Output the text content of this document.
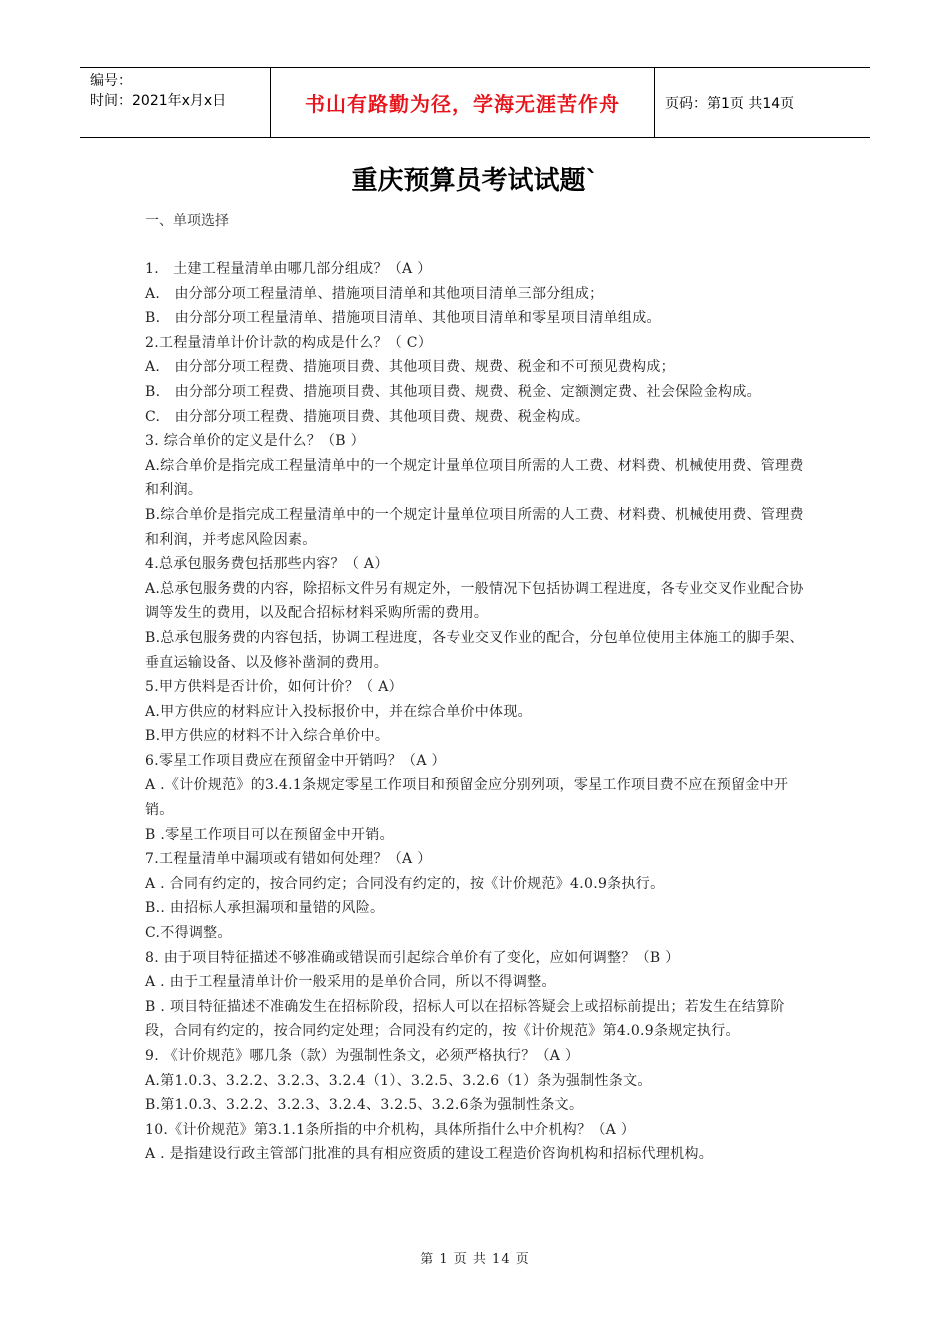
编号：
时间：2021年x月x日	书山有路勤为径，学海无涯苦作舟	页码：第1页 共14页
重庆预算员考试试题`
一、单项选择

1.　土建工程量清单由哪几部分组成？（A ）

A.　由分部分项工程量清单、措施项目清单和其他项目清单三部分组成；

B.　由分部分项工程量清单、措施项目清单、其他项目清单和零星项目清单组成。

2.工程量清单计价计款的构成是什么？（ C）

A.　由分部分项工程费、措施项目费、其他项目费、规费、税金和不可预见费构成；

B.　由分部分项工程费、措施项目费、其他项目费、规费、税金、定额测定费、社会保险金构成。

C.　由分部分项工程费、措施项目费、其他项目费、规费、税金构成。

3. 综合单价的定义是什么？（B ）

A.综合单价是指完成工程量清单中的一个规定计量单位项目所需的人工费、材料费、机械使用费、管理费和利润。

B.综合单价是指完成工程量清单中的一个规定计量单位项目所需的人工费、材料费、机械使用费、管理费和利润，并考虑风险因素。

4.总承包服务费包括那些内容？（ A）

A.总承包服务费的内容，除招标文件另有规定外，一般情况下包括协调工程进度，各专业交叉作业配合协调等发生的费用，以及配合招标材料采购所需的费用。

B.总承包服务费的内容包括，协调工程进度，各专业交叉作业的配合，分包单位使用主体施工的脚手架、垂直运输设备、以及修补凿洞的费用。

5.甲方供料是否计价，如何计价？（ A）

A.甲方供应的材料应计入投标报价中，并在综合单价中体现。

B.甲方供应的材料不计入综合单价中。

6.零星工作项目费应在预留金中开销吗？（A ）

A .《计价规范》的3.4.1条规定零星工作项目和预留金应分别列项，零星工作项目费不应在预留金中开销。

B .零星工作项目可以在预留金中开销。

7.工程量清单中漏项或有错如何处理？（A ）

A . 合同有约定的，按合同约定；合同没有约定的，按《计价规范》4.0.9条执行。

B.. 由招标人承担漏项和量错的风险。

C.不得调整。

8. 由于项目特征描述不够准确或错误而引起综合单价有了变化，应如何调整？（B ）

A . 由于工程量清单计价一般采用的是单价合同，所以不得调整。

B . 项目特征描述不准确发生在招标阶段，招标人可以在招标答疑会上或招标前提出；若发生在结算阶段，合同有约定的，按合同约定处理；合同没有约定的，按《计价规范》第4.0.9条规定执行。

9. 《计价规范》哪几条（款）为强制性条文，必须严格执行？（A ）

A.第1.0.3、3.2.2、3.2.3、3.2.4（1）、3.2.5、3.2.6（1）条为强制性条文。

B.第1.0.3、3.2.2、3.2.3、3.2.4、3.2.5、3.2.6条为强制性条文。

10.《计价规范》第3.1.1条所指的中介机构，具体所指什么中介机构？（A ）

A . 是指建设行政主管部门批准的具有相应资质的建设工程造价咨询机构和招标代理机构。

第 1 页 共 14 页
